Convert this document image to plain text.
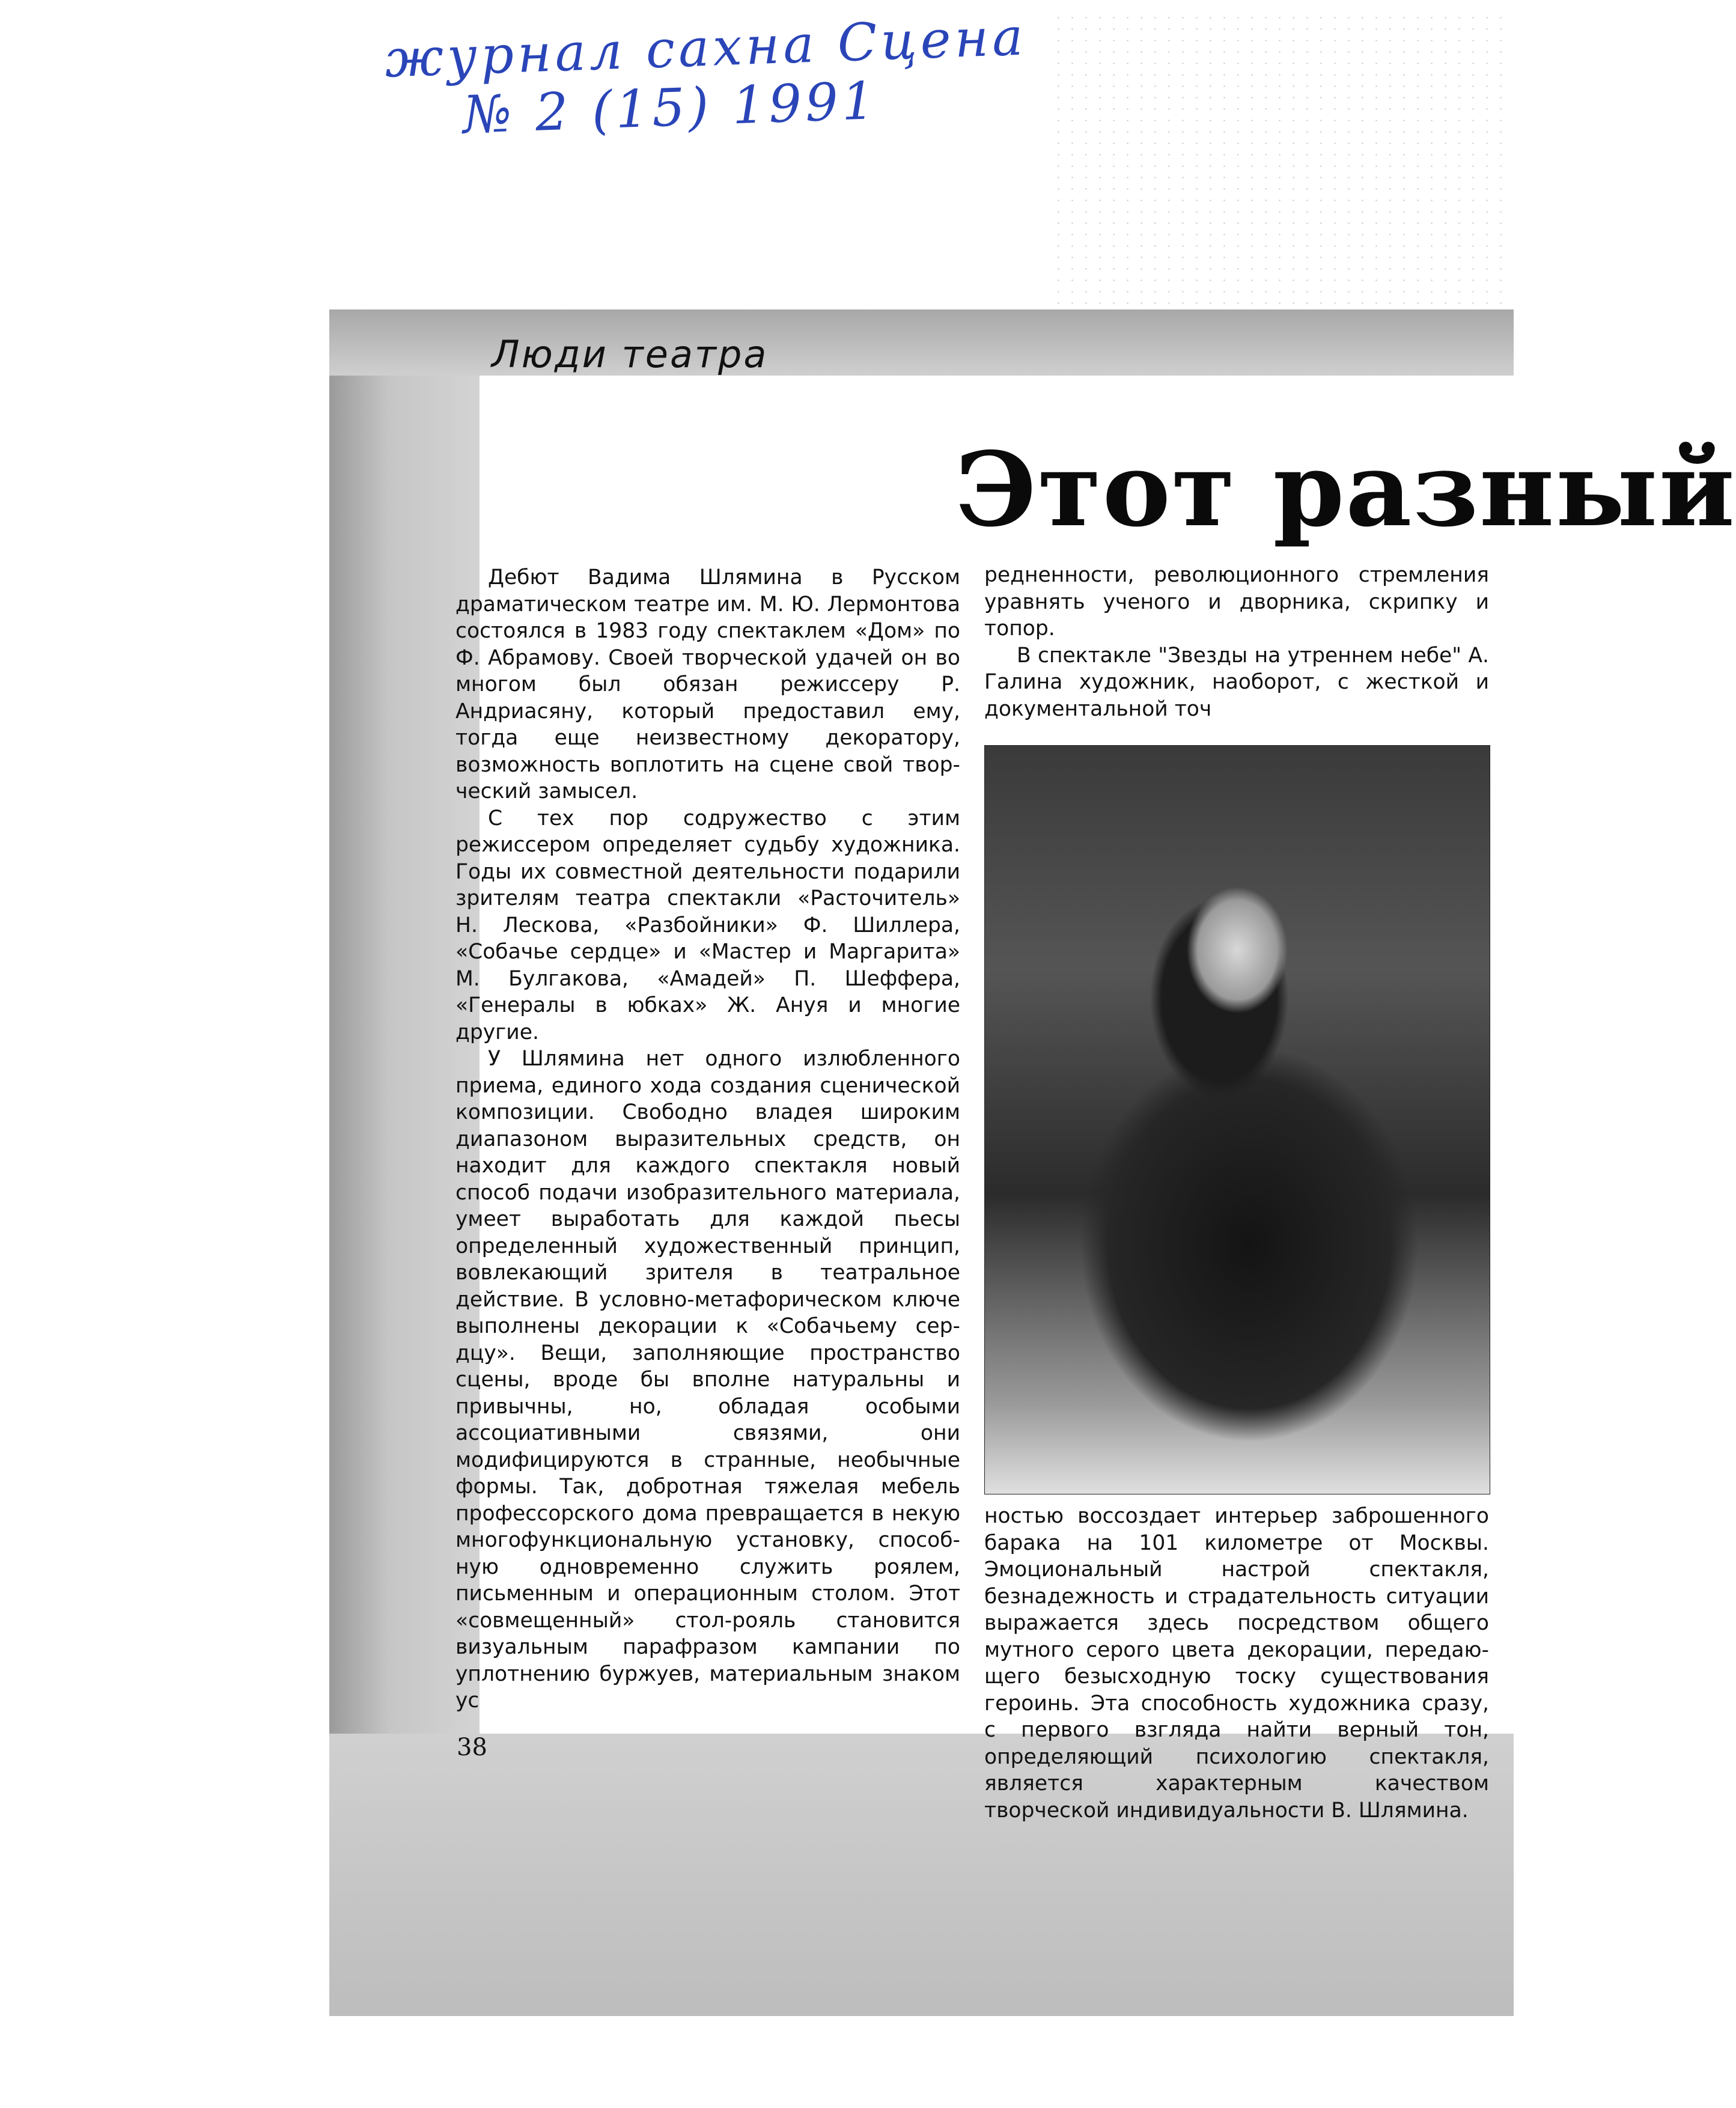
журнал сахна Сцена
№ 2 (15) 1991
Люди театра
Этот разный

Дебют Вадима Шлямина в Русском драматическом театре им. М. Ю. Лермонтова состоялся в 1983 году спектаклем «Дом» по Ф. Абрамову. Своей творческой удачей он во многом был обязан режиссеру Р. Андриасяну, который предоставил ему, тогда еще неизвестному декоратору, возможность воплотить на сцене свой творческий замысел.

С тех пор содружество с этим режиссером определяет судьбу художника. Годы их совместной деятельности подарили зрителям театра спектакли «Расточитель» Н. Лескова, «Разбойники» Ф. Шиллера, «Собачье сердце» и «Мастер и Маргарита» М. Булгакова, «Амадей» П. Шеффера, «Генералы в юбках» Ж. Ануя и многие другие.

У Шлямина нет одного излюбленного приема, единого хода создания сценической композиции. Свободно владея широким диапазоном выразительных средств, он находит для каждого спектакля новый способ подачи изобразительного материала, умеет выработать для каждой пьесы определенный художественный принцип, вовлекающий зрителя в театральное действие. В условно-метафорическом ключе выполнены декорации к «Собачьему сердцу». Вещи, заполняющие пространство сцены, вроде бы вполне натуральны и привычны, но, обладая особыми ассоциативными связями, они модифицируются в странные, необычные формы. Так, добротная тяжелая мебель профессорского дома превращается в некую многофункциональную установку, способную одновременно служить роялем, письменным и операционным столом. Этот «совмещенный» стол-рояль становится визуальным парафразом кампании по уплотнению буржуев, материальным знаком ус

редненности, революционного стремления уравнять ученого и дворника, скрипку и топор.

В спектакле "Звезды на утреннем небе" А. Галина художник, наоборот, с жесткой и документальной точ

ностью воссоздает интерьер заброшенного барака на 101 километре от Москвы. Эмоциональный настрой спектакля, безнадежность и страдательность ситуации выражается здесь посредством общего мутного серого цвета декорации, передающего безысходную тоску существования героинь. Эта способность художника сразу, с первого взгляда найти верный тон, определяющий психологию спектакля, является характерным качеством творческой индивидуальности В. Шлямина.

38
